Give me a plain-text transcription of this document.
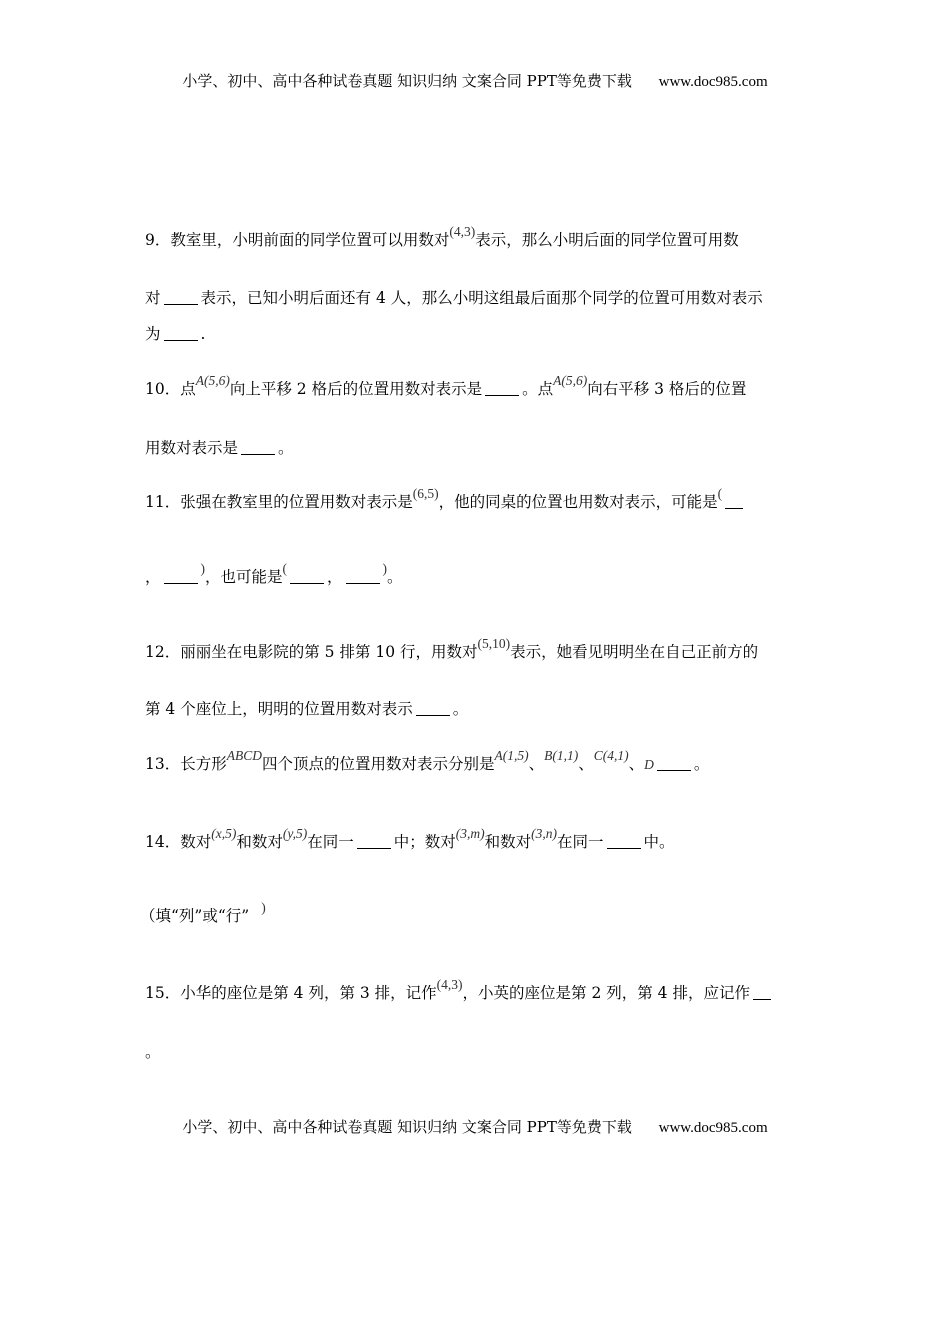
小学、初中、高中各种试卷真题 知识归纳 文案合同 PPT等免费下载 www.doc985.com
9．教室里，小明前面的同学位置可以用数对(4,3)表示，那么小明后面的同学位置可用数
对	表示，已知小明后面还有 4 人，那么小明这组最后面那个同学的位置可用数对表示
为	.
10．点A(5,6)向上平移 2 格后的位置用数对表示是	。点A(5,6)向右平移 3 格后的位置
用数对表示是	。
11．张强在教室里的位置用数对表示是(6,5)，他的同桌的位置也用数对表示，可能是(
，	)，也可能是(	，	)。
12．丽丽坐在电影院的第 5 排第 10 行，用数对(5,10)表示，她看见明明坐在自己正前方的
第 4 个座位上，明明的位置用数对表示	。
13．长方形ABCD四个顶点的位置用数对表示分别是A(1,5)、B(1,1)、C(4,1)、D	。
14．数对(x,5)和数对(y,5)在同一	中；数对(3,m)和数对(3,n)在同一	中。
（填“列”或“行” )
15．小华的座位是第 4 列，第 3 排，记作(4,3)，小英的座位是第 2 列，第 4 排，应记作
。
小学、初中、高中各种试卷真题 知识归纳 文案合同 PPT等免费下载 www.doc985.com
